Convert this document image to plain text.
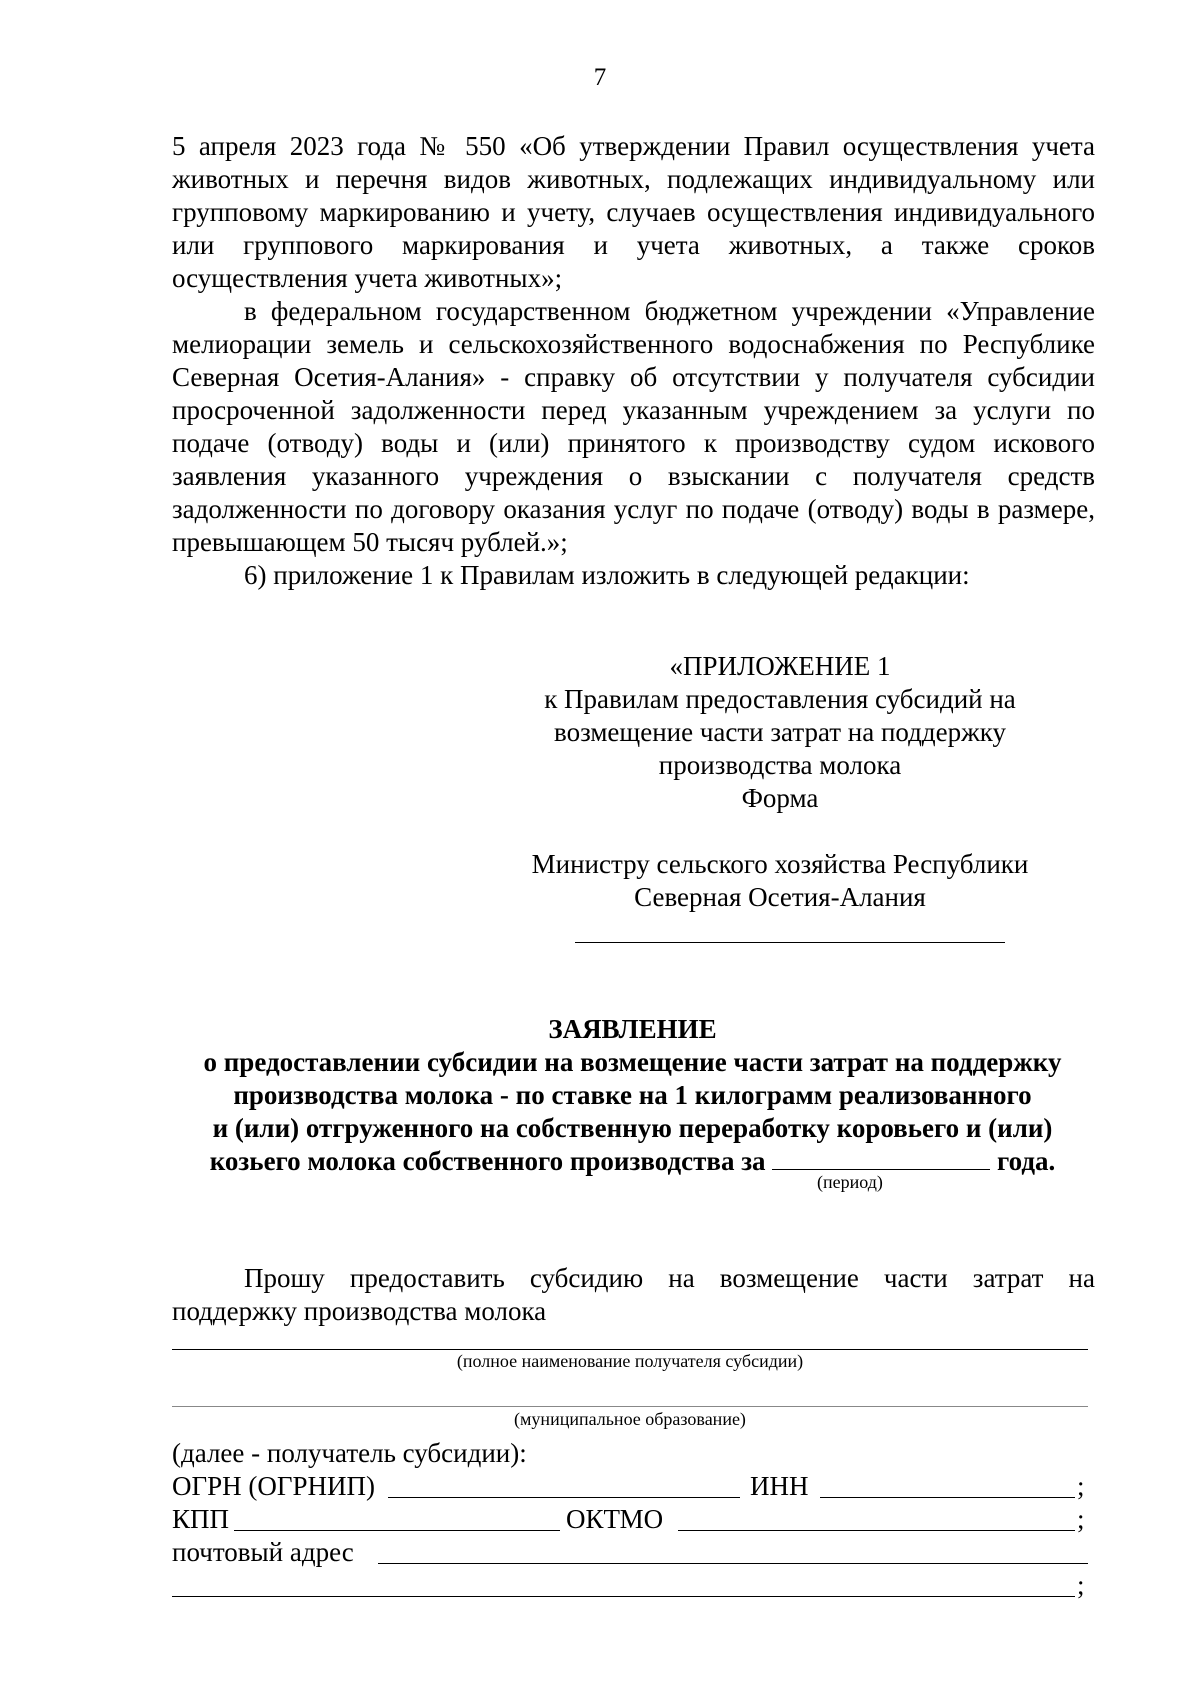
7

5 апреля 2023 года № 550 «Об утверждении Правил осуществления учета животных и перечня видов животных, подлежащих индивидуальному или групповому маркированию и учету, случаев осуществления индивидуального или группового маркирования и учета животных, а также сроков осуществления учета животных»;

в федеральном государственном бюджетном учреждении «Управление мелиорации земель и сельскохозяйственного водоснабжения по Республике Северная Осетия-Алания» - справку об отсутствии у получателя субсидии просроченной задолженности перед указанным учреждением за услуги по подаче (отводу) воды и (или) принятого к производству судом искового заявления указанного учреждения о взыскании с получателя средств задолженности по договору оказания услуг по подаче (отводу) воды в размере, превышающем 50 тысяч рублей.»;

6) приложение 1 к Правилам изложить в следующей редакции:

«ПРИЛОЖЕНИЕ 1
к Правилам предоставления субсидий на
возмещение части затрат на поддержку
производства молока
Форма
Министру сельского хозяйства Республики
Северная Осетия-Алания
ЗАЯВЛЕНИЕ
о предоставлении субсидии на возмещение части затрат на поддержку
производства молока - по ставке на 1 килограмм реализованного
и (или) отгруженного на собственную переработку коровьего и (или)
козьего молока собственного производства за	года.
(период)
Прошу предоставить субсидию на возмещение части затрат на поддержку производства молока
(полное наименование получателя субсидии)
(муниципальное образование)
(далее - получатель субсидии):
ОГРН (ОГРНИП)	ИНН	;
КПП	ОКТМО	;
почтовый адрес
;
